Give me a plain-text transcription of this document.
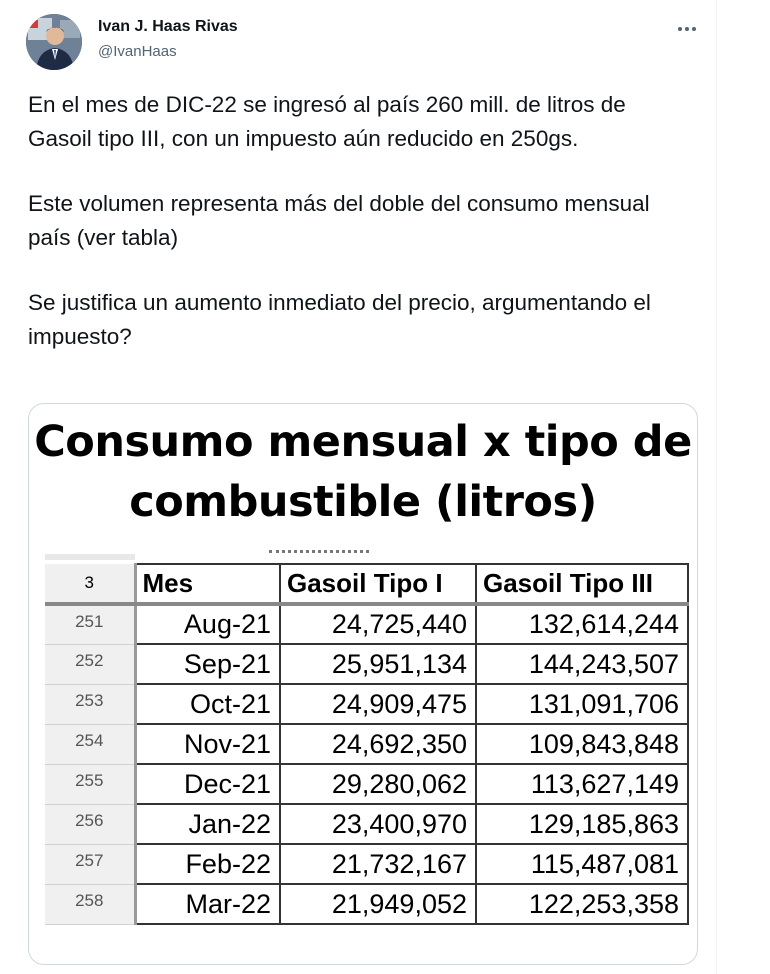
Ivan J. Haas Rivas
@IvanHaas

En el mes de DIC-22 se ingresó al país 260 mill. de litros de Gasoil tipo III, con un impuesto aún reducido en 250gs.

Este volumen representa más del doble del consumo mensual país (ver tabla)

Se justifica un aumento inmediato del precio, argumentando el impuesto?

Consumo mensual x tipo de
combustible (litros)
3	Mes	Gasoil Tipo I	Gasoil Tipo III
251	Aug-21	24,725,440	132,614,244
252	Sep-21	25,951,134	144,243,507
253	Oct-21	24,909,475	131,091,706
254	Nov-21	24,692,350	109,843,848
255	Dec-21	29,280,062	113,627,149
256	Jan-22	23,400,970	129,185,863
257	Feb-22	21,732,167	115,487,081
258	Mar-22	21,949,052	122,253,358
